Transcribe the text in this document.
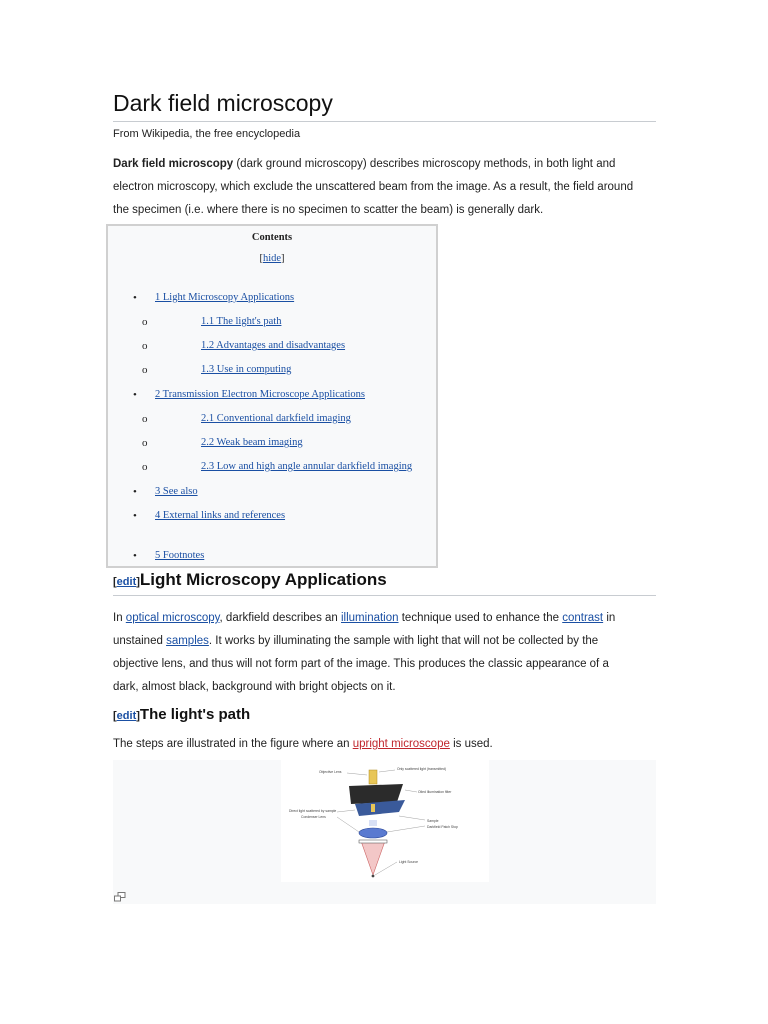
Dark field microscopy
From Wikipedia, the free encyclopedia
Dark field microscopy (dark ground microscopy) describes microscopy methods, in both light and
electron microscopy, which exclude the unscattered beam from the image. As a result, the field around
the specimen (i.e. where there is no specimen to scatter the beam) is generally dark.
Contents
[hide]
• 1 Light Microscopy Applications
o	1.1 The light's path
o	1.2 Advantages and disadvantages
o	1.3 Use in computing
• 2 Transmission Electron Microscope Applications
o	2.1 Conventional darkfield imaging
o	2.2 Weak beam imaging
o	2.3 Low and high angle annular darkfield imaging
• 3 See also
• 4 External links and references
• 5 Footnotes
[edit]Light Microscopy Applications
In optical microscopy, darkfield describes an illumination technique used to enhance the contrast in
unstained samples. It works by illuminating the sample with light that will not be collected by the
objective lens, and thus will not form part of the image. This produces the classic appearance of a
dark, almost black, background with bright objects on it.
[edit]The light's path
The steps are illustrated in the figure where an upright microscope is used.
Objective Lens
Only scattered light (transmitted)
Oiled Illumination filter
Direct light scattered by sample
Condenser Lens
Sample
Darkfield Patch Stop
Light Source
